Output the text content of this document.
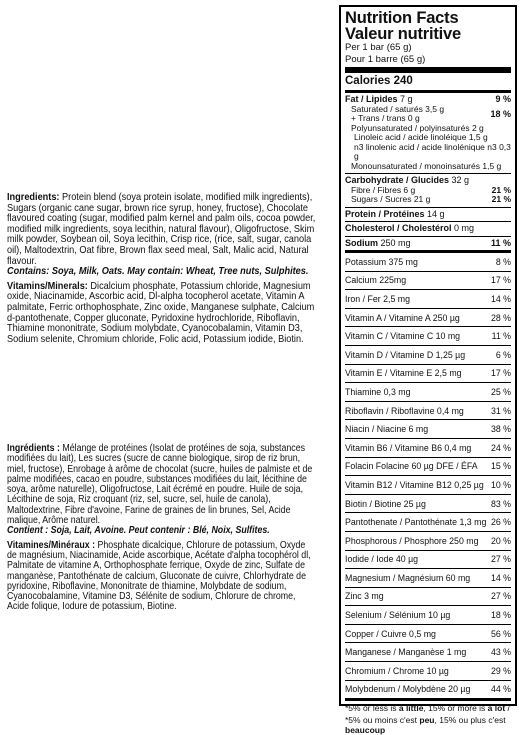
Ingredients: Protein blend (soya protein isolate, modified milk ingredients), Sugars (organic cane sugar, brown rice syrup, honey, fructose), Chocolate flavoured coating (sugar, modified palm kernel and palm oils, cocoa powder, modified milk ingredients, soya lecithin, natural flavour), Oligofructose, Skim milk powder, Soybean oil, Soya lecithin, Crisp rice, (rice, salt, sugar, canola oil), Maltodextrin, Oat fibre, Brown flax seed meal, Salt, Malic acid, Natural flavour.
Contains: Soya, Milk, Oats. May contain: Wheat, Tree nuts, Sulphites.

Vitamins/Minerals: Dicalcium phosphate, Potassium chloride, Magnesium oxide, Niacinamide, Ascorbic acid, Dl-alpha tocopherol acetate, Vitamin A palmitate, Ferric orthophosphate, Zinc oxide, Manganese sulphate, Calcium d-pantothenate, Copper gluconate, Pyridoxine hydrochloride, Riboflavin, Thiamine mononitrate, Sodium molybdate, Cyanocobalamin, Vitamin D3, Sodium selenite, Chromium chloride, Folic acid, Potassium iodide, Biotin.

Ingrédients : Mélange de protéines (Isolat de protéines de soja, substances modifiées du lait), Les sucres (sucre de canne biologique, sirop de riz brun, miel, fructose), Enrobage à arôme de chocolat (sucre, huiles de palmiste et de palme modifiées, cacao en poudre, substances modifiées du lait, lécithine de soya, arôme naturelle), Oligofructose, Lait écrémé en poudre. Huile de soja, Lécithine de soja, Riz croquant (riz, sel, sucre, sel, huile de canola), Maltodextrine, Fibre d'avoine, Farine de graines de lin brunes, Sel, Acide malique, Arôme naturel.
Contient : Soja, Lait, Avoine. Peut contenir : Blé, Noix, Sulfites.

Vitamines/Minéraux : Phosphate dicalcique, Chlorure de potassium, Oxyde de magnésium, Niacinamide, Acide ascorbique, Acétate d'alpha tocophérol dl, Palmitate de vitamine A, Orthophosphate ferrique, Oxyde de zinc, Sulfate de manganèse, Pantothénate de calcium, Gluconate de cuivre, Chlorhydrate de pyridoxine, Riboflavine, Mononitrate de thiamine, Molybdate de sodium, Cyanocobalamine, Vitamine D3, Sélénite de sodium, Chlorure de chrome, Acide folique, Iodure de potassium, Biotine.

Nutrition Facts
Valeur nutritive
Per 1 bar (65 g)
Pour 1 barre (65 g)
Calories 240
Fat / Lipides 7 g	9 %
Saturated / saturés 3,5 g
+ Trans / trans 0 g	18 %
Polyunsaturated / polyinsaturés 2 g
Linoleic acid / acide linoléique 1,5 g
n3 linolenic acid / acide linolénique n3 0,3 g
Monounsaturated / monoinsaturés 1,5 g
Carbohydrate / Glucides 32 g
Fibre / Fibres 6 g	21 %
Sugars / Sucres 21 g	21 %
Protein / Protéines 14 g
Cholesterol / Cholestérol 0 mg
Sodium 250 mg	11 %
Potassium 375 mg	8 %
Calcium 225mg	17 %
Iron / Fer 2,5 mg	14 %
Vitamin A / Vitamine A 250 µg	28 %
Vitamin C / Vitamine C 10 mg	11 %
Vitamin D / Vitamine D 1,25 µg	6 %
Vitamin E / Vitamine E 2,5 mg	17 %
Thiamine 0,3 mg	25 %
Riboflavin / Riboflavine 0,4 mg	31 %
Niacin / Niacine 6 mg	38 %
Vitamin B6 / Vitamine B6 0,4 mg 24 %
Folacin Folacine 60 µg DFE / ÉFA 15 %
Vitamin B12 / Vitamine B12 0,25 µg 10 %
Biotin / Biotine 25 µg	83 %
Pantothenate / Pantothénate 1,3 mg 26 %
Phosphorous / Phosphore 250 mg 20 %
Iodide / Iode 40 µg	27 %
Magnesium / Magnésium 60 mg 14 %
Zinc 3 mg	27 %
Selenium / Sélénium 10 µg	18 %
Copper / Cuivre 0,5 mg	56 %
Manganese / Manganèse 1 mg	43 %
Chromium / Chrome 10 µg	29 %
Molybdenum / Molybdène 20 µg 44 %

*5% or less is a little, 15% or more is a lot /

*5% ou moins c'est peu, 15% ou plus c'est beaucoup
